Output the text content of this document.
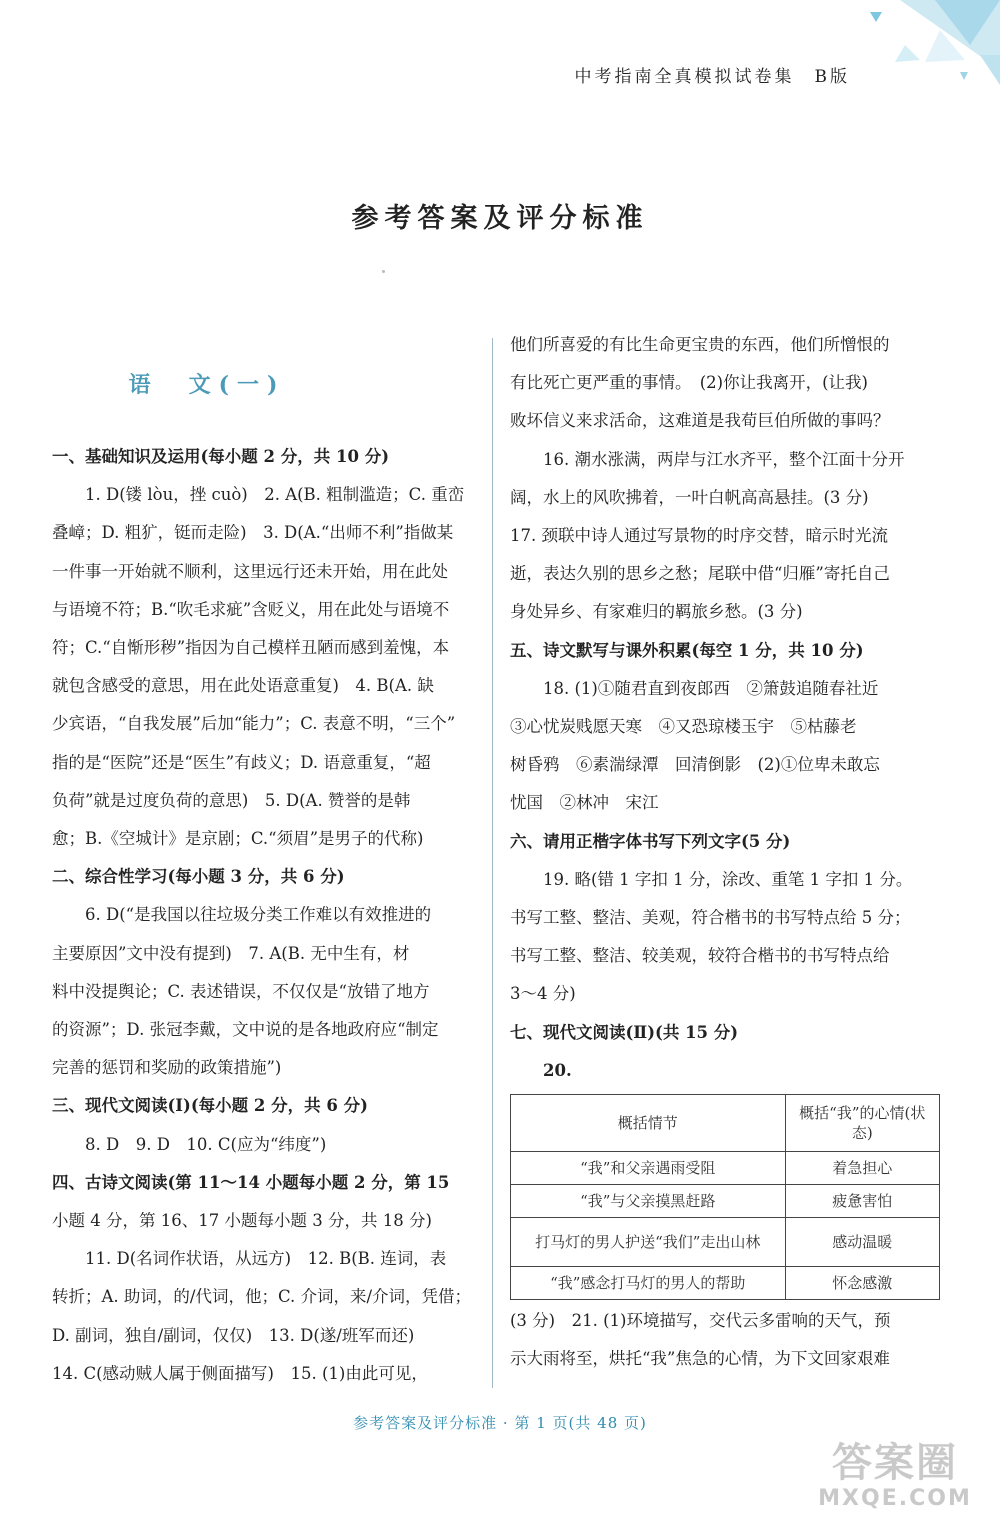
中考指南全真模拟试卷集　B版
参考答案及评分标准
语　文(一)
一、基础知识及运用(每小题 2 分，共 10 分)
1. D(镂 lòu，挫 cuò)　2. A(B. 粗制滥造；C. 重峦
叠嶂；D. 粗犷，铤而走险)　3. D(A.“出师不利”指做某
一件事一开始就不顺利，这里远行还未开始，用在此处
与语境不符；B.“吹毛求疵”含贬义，用在此处与语境不
符；C.“自惭形秽”指因为自己模样丑陋而感到羞愧，本
就包含感受的意思，用在此处语意重复)　4. B(A. 缺
少宾语，“自我发展”后加“能力”；C. 表意不明，“三个”
指的是“医院”还是“医生”有歧义；D. 语意重复，“超
负荷”就是过度负荷的意思)　5. D(A. 赞誉的是韩
愈；B.《空城计》是京剧；C.“须眉”是男子的代称)
二、综合性学习(每小题 3 分，共 6 分)
6. D(“是我国以往垃圾分类工作难以有效推进的
主要原因”文中没有提到)　7. A(B. 无中生有，材
料中没提舆论；C. 表述错误，不仅仅是“放错了地方
的资源”；D. 张冠李戴，文中说的是各地政府应“制定
完善的惩罚和奖励的政策措施”)
三、现代文阅读(Ⅰ)(每小题 2 分，共 6 分)
8. D　9. D　10. C(应为“纬度”)
四、古诗文阅读(第 11～14 小题每小题 2 分，第 15
小题 4 分，第 16、17 小题每小题 3 分，共 18 分)
11. D(名词作状语，从远方)　12. B(B. 连词，表
转折；A. 助词，的/代词，他；C. 介词，来/介词，凭借；
D. 副词，独自/副词，仅仅)　13. D(遂/班军而还)
14. C(感动贼人属于侧面描写)　15. (1)由此可见，
他们所喜爱的有比生命更宝贵的东西，他们所憎恨的
有比死亡更严重的事情。　(2)你让我离开，(让我)
败坏信义来求活命，这难道是我荀巨伯所做的事吗？
16. 潮水涨满，两岸与江水齐平，整个江面十分开
阔，水上的风吹拂着，一叶白帆高高悬挂。(3 分)
17. 颈联中诗人通过写景物的时序交替，暗示时光流
逝，表达久别的思乡之愁；尾联中借“归雁”寄托自己
身处异乡、有家难归的羁旅乡愁。(3 分)
五、诗文默写与课外积累(每空 1 分，共 10 分)
18. (1)①随君直到夜郎西　②箫鼓追随春社近
③心忧炭贱愿天寒　④又恐琼楼玉宇　⑤枯藤老
树昏鸦　⑥素湍绿潭　回清倒影　(2)①位卑未敢忘
忧国　②林冲　宋江
六、请用正楷字体书写下列文字(5 分)
19. 略(错 1 字扣 1 分，涂改、重笔 1 字扣 1 分。
书写工整、整洁、美观，符合楷书的书写特点给 5 分；
书写工整、整洁、较美观，较符合楷书的书写特点给
3～4 分)
七、现代文阅读(Ⅱ)(共 15 分)
20.
概括情节	概括“我”的心情(状态)
“我”和父亲遇雨受阻	着急担心
“我”与父亲摸黑赶路	疲惫害怕
打马灯的男人护送“我们”走出山林	感动温暖
“我”感念打马灯的男人的帮助	怀念感激
(3 分)　21. (1)环境描写，交代云多雷响的天气，预
示大雨将至，烘托“我”焦急的心情，为下文回家艰难
参考答案及评分标准 · 第 1 页(共 48 页)
答案圈
MXQE.COM
